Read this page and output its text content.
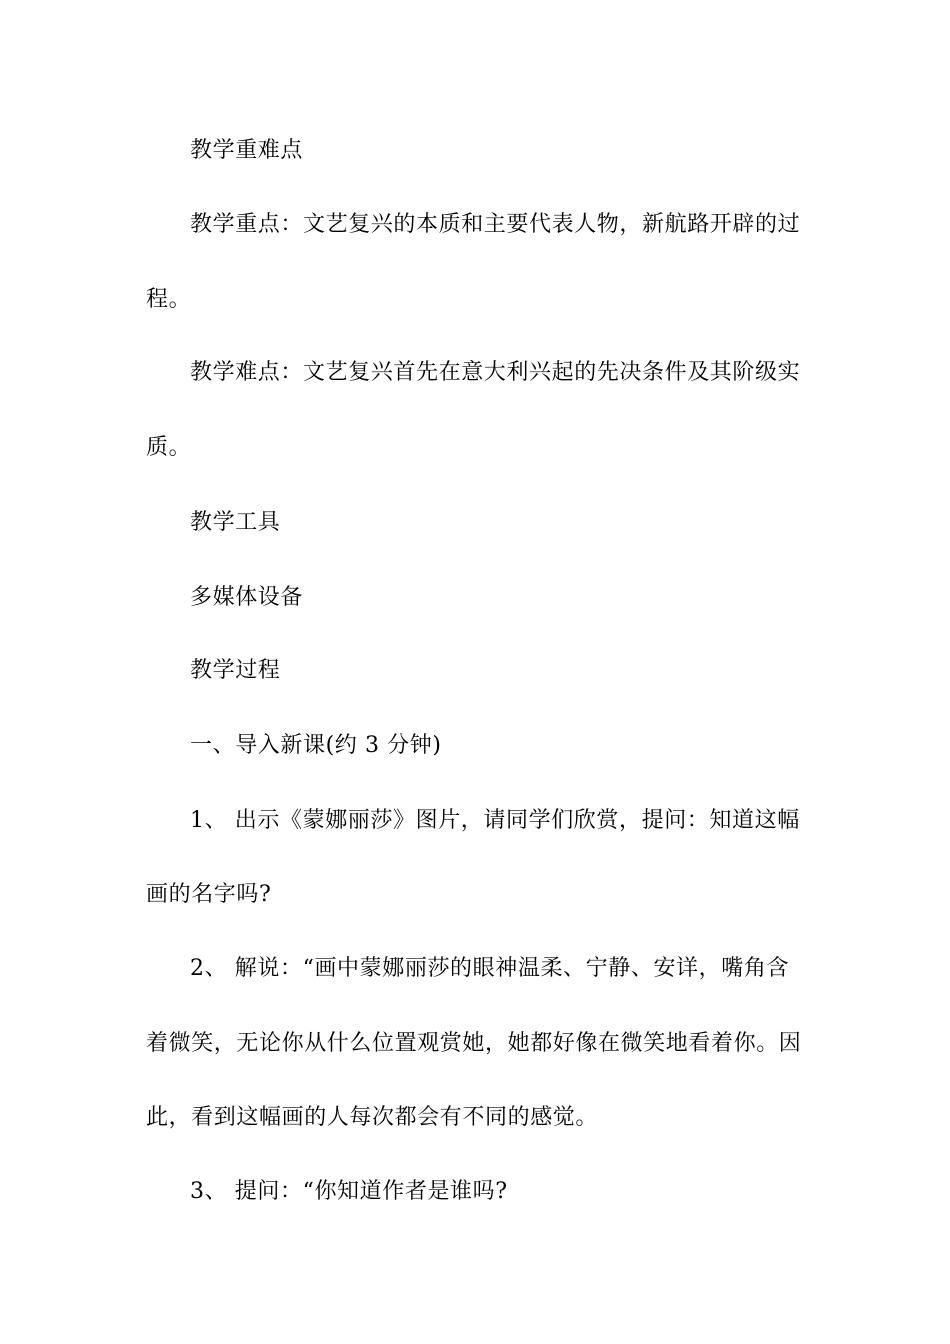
教学重难点
教学重点：文艺复兴的本质和主要代表人物，新航路开辟的过
程。
教学难点：文艺复兴首先在意大利兴起的先决条件及其阶级实
质。
教学工具
多媒体设备
教学过程
一、导入新课(约 3 分钟)
1、 出示《蒙娜丽莎》图片，请同学们欣赏，提问：知道这幅
画的名字吗?
2、 解说：“画中蒙娜丽莎的眼神温柔、宁静、安详，嘴角含
着微笑，无论你从什么位置观赏她，她都好像在微笑地看着你。因
此，看到这幅画的人每次都会有不同的感觉。
3、 提问：“你知道作者是谁吗?
